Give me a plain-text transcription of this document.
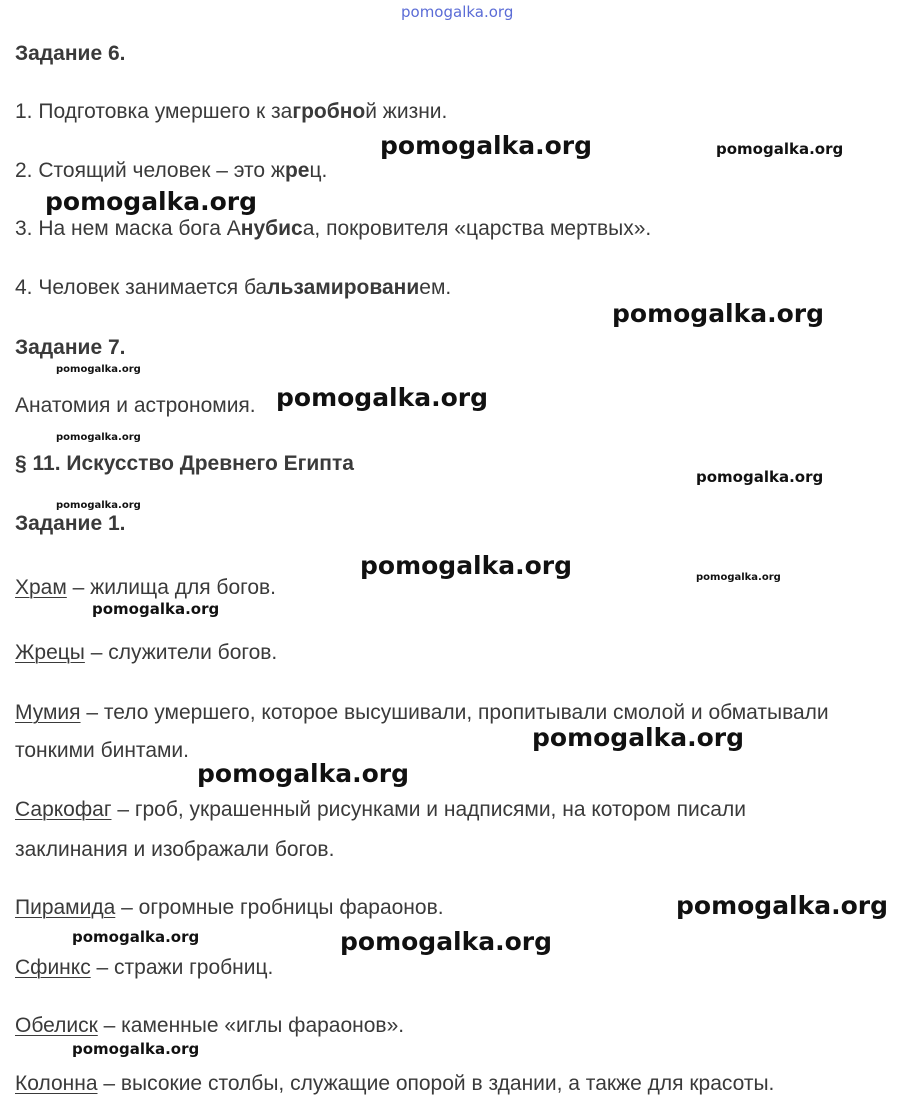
pomogalka.org
Задание 6.
1. Подготовка умершего к загробной жизни.
2. Стоящий человек – это жрец.
3. На нем маска бога Анубиса, покровителя «царства мертвых».
4. Человек занимается бальзамированием.
Задание 7.
Анатомия и астрономия.
§ 11. Искусство Древнего Египта
Задание 1.
Храм – жилища для богов.
Жрецы – служители богов.
Мумия – тело умершего, которое высушивали, пропитывали смолой и обматывали
тонкими бинтами.
Саркофаг – гроб, украшенный рисунками и надписями, на котором писали
заклинания и изображали богов.
Пирамида – огромные гробницы фараонов.
Сфинкс – стражи гробниц.
Обелиск – каменные «иглы фараонов».
Колонна – высокие столбы, служащие опорой в здании, а также для красоты.
pomogalka.org	pomogalka.org
pomogalka.org
pomogalka.org
pomogalka.org
pomogalka.org
pomogalka.org
pomogalka.org
pomogalka.org
pomogalka.org	pomogalka.org
pomogalka.org
pomogalka.org
pomogalka.org
pomogalka.org
pomogalka.org	pomogalka.org
pomogalka.org
